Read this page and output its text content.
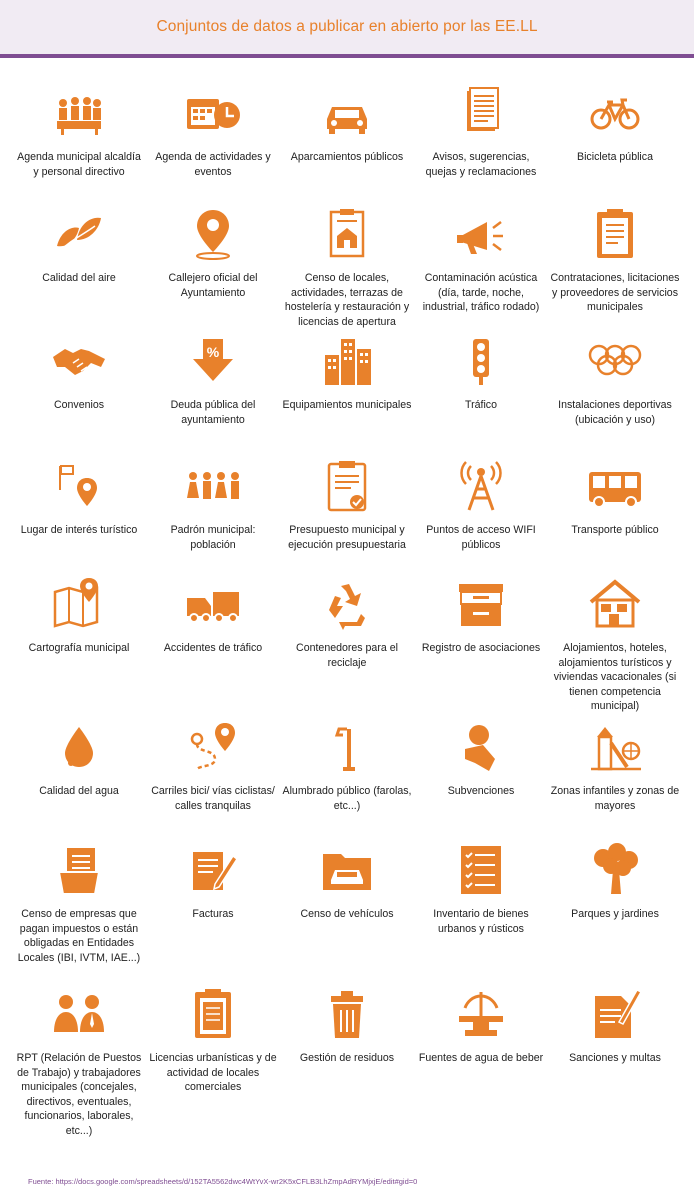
Conjuntos de datos a publicar en abierto por las EE.LL
Agenda municipal alcaldía y personal directivo
Agenda de actividades y eventos
Aparcamientos públicos	Avisos, sugerencias, quejas y reclamaciones
Bicicleta pública
Calidad del aire	Callejero oficial del Ayuntamiento
Censo de locales, actividades, terrazas de hostelería y restauración y licencias de apertura
Contaminación acústica (día, tarde, noche, industrial, tráfico rodado)
Contrataciones, licitaciones y proveedores de servicios municipales
Convenios
%
Deuda pública del ayuntamiento
Equipamientos municipales	Tráfico	Instalaciones deportivas (ubicación y uso)
Lugar de interés turístico	Padrón municipal: población
Presupuesto municipal y ejecución presupuestaria
Puntos de acceso WIFI públicos
Transporte público
Cartografía municipal	Accidentes de tráfico	Contenedores para el reciclaje
Registro de asociaciones	Alojamientos, hoteles, alojamientos turísticos y viviendas vacacionales (si tienen competencia municipal)
Calidad del agua	Carriles bici/ vías ciclistas/ calles tranquilas
Alumbrado público (farolas, etc...)
Subvenciones	Zonas infantiles y zonas de mayores
Censo de empresas que pagan impuestos o están obligadas en Entidades Locales (IBI, IVTM, IAE...)
Facturas	Censo de vehículos	Inventario de bienes urbanos y rústicos
Parques y jardines
RPT (Relación de Puestos de Trabajo) y trabajadores municipales (concejales, directivos, eventuales, funcionarios, laborales, etc...)
Licencias urbanísticas y de actividad de locales comerciales
Gestión de residuos	Fuentes de agua de beber	Sanciones y multas
Fuente: https://docs.google.com/spreadsheets/d/152TA5562dwc4WtYvX-wr2K5xCFLB3LhZmpAdRYMjxjE/edit#gid=0
